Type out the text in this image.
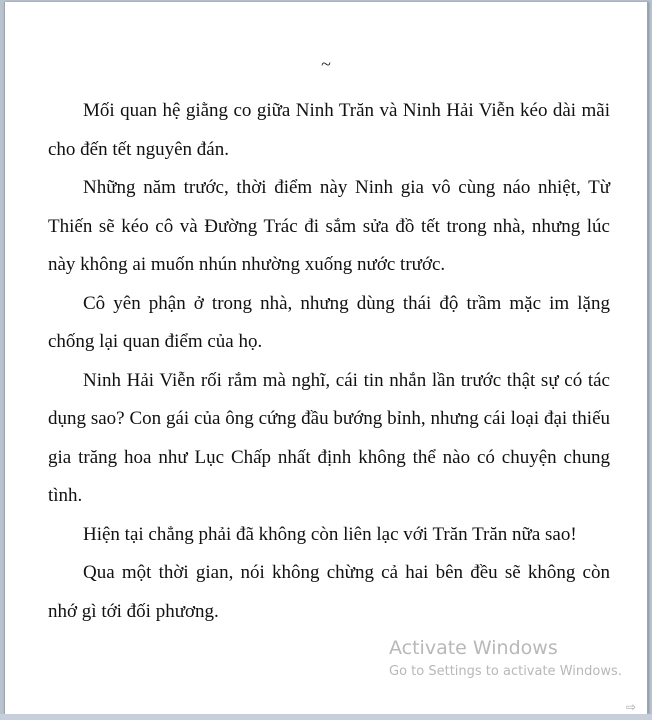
~

Mối quan hệ giằng co giữa Ninh Trăn và Ninh Hải Viễn kéo dài mãi cho đến tết nguyên đán.

Những năm trước, thời điểm này Ninh gia vô cùng náo nhiệt, Từ Thiến sẽ kéo cô và Đường Trác đi sắm sửa đồ tết trong nhà, nhưng lúc này không ai muốn nhún nhường xuống nước trước.

Cô yên phận ở trong nhà, nhưng dùng thái độ trầm mặc im lặng chống lại quan điểm của họ.

Ninh Hải Viễn rối rắm mà nghĩ, cái tin nhắn lần trước thật sự có tác dụng sao? Con gái của ông cứng đầu bướng bỉnh, nhưng cái loại đại thiếu gia trăng hoa như Lục Chấp nhất định không thể nào có chuyện chung tình.

Hiện tại chẳng phải đã không còn liên lạc với Trăn Trăn nữa sao!

Qua một thời gian, nói không chừng cả hai bên đều sẽ không còn nhớ gì tới đối phương.

Activate Windows
Go to Settings to activate Windows.
⇨
